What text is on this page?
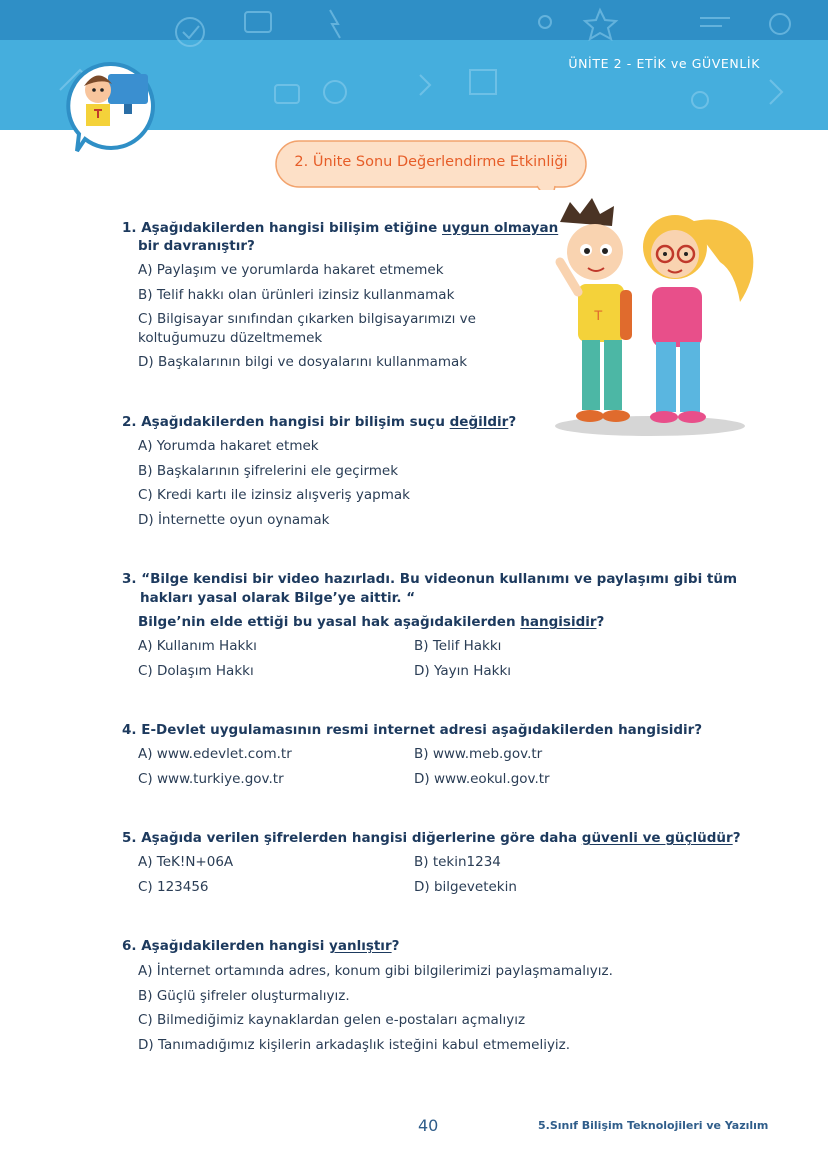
ÜNİTE 2 - ETİK ve GÜVENLİK
2. Ünite Sonu Değerlendirme Etkinliği
T
1. Aşağıdakilerden hangisi bilişim etiğine uygun olmayan
bir davranıştır?
A) Paylaşım ve yorumlarda hakaret etmemek
B) Telif hakkı olan ürünleri izinsiz kullanmamak
C) Bilgisayar sınıfından çıkarken bilgisayarımızı ve
koltuğumuzu düzeltmemek
D) Başkalarının bilgi ve dosyalarını kullanmamak
2. Aşağıdakilerden hangisi bir bilişim suçu değildir?
A) Yorumda hakaret etmek
B) Başkalarının şifrelerini ele geçirmek
C) Kredi kartı ile izinsiz alışveriş yapmak
D) İnternette oyun oynamak
3. “Bilge kendisi bir video hazırladı. Bu videonun kullanımı ve paylaşımı gibi tüm
hakları yasal olarak Bilge’ye aittir. “
Bilge’nin elde ettiği bu yasal hak aşağıdakilerden hangisidir?
A) Kullanım Hakkı	B) Telif Hakkı
C) Dolaşım Hakkı	D) Yayın Hakkı
4. E-Devlet uygulamasının resmi internet adresi aşağıdakilerden hangisidir?
A) www.edevlet.com.tr	B) www.meb.gov.tr
C) www.turkiye.gov.tr	D) www.eokul.gov.tr
5. Aşağıda verilen şifrelerden hangisi diğerlerine göre daha güvenli ve güçlüdür?
A) TeK!N+06A	B) tekin1234
C) 123456	D) bilgevetekin
6. Aşağıdakilerden hangisi yanlıştır?
A) İnternet ortamında adres, konum gibi bilgilerimizi paylaşmamalıyız.
B) Güçlü şifreler oluşturmalıyız.
C) Bilmediğimiz kaynaklardan gelen e-postaları açmalıyız
D) Tanımadığımız kişilerin arkadaşlık isteğini kabul etmemeliyiz.
40	5.Sınıf Bilişim Teknolojileri ve Yazılım
